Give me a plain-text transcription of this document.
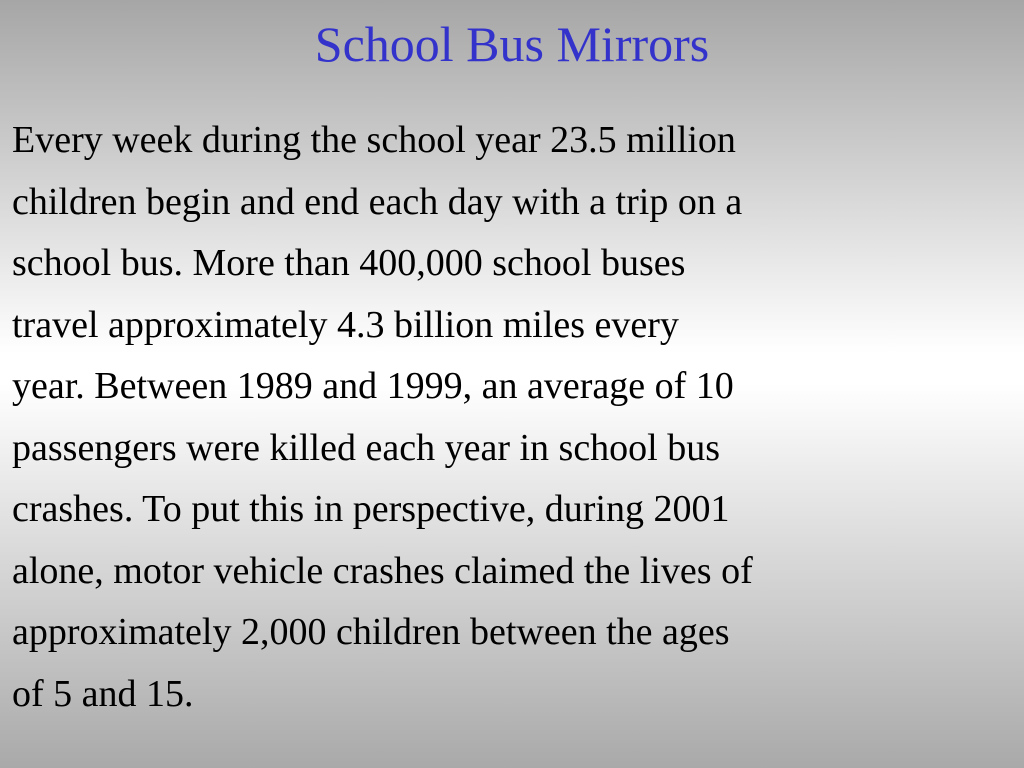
School Bus Mirrors

Every week during the school year 23.5 million
children begin and end each day with a trip on a
school bus. More than 400,000 school buses
travel approximately 4.3 billion miles every
year. Between 1989 and 1999, an average of 10
passengers were killed each year in school bus
crashes. To put this in perspective, during 2001
alone, motor vehicle crashes claimed the lives of
approximately 2,000 children between the ages
of 5 and 15.
